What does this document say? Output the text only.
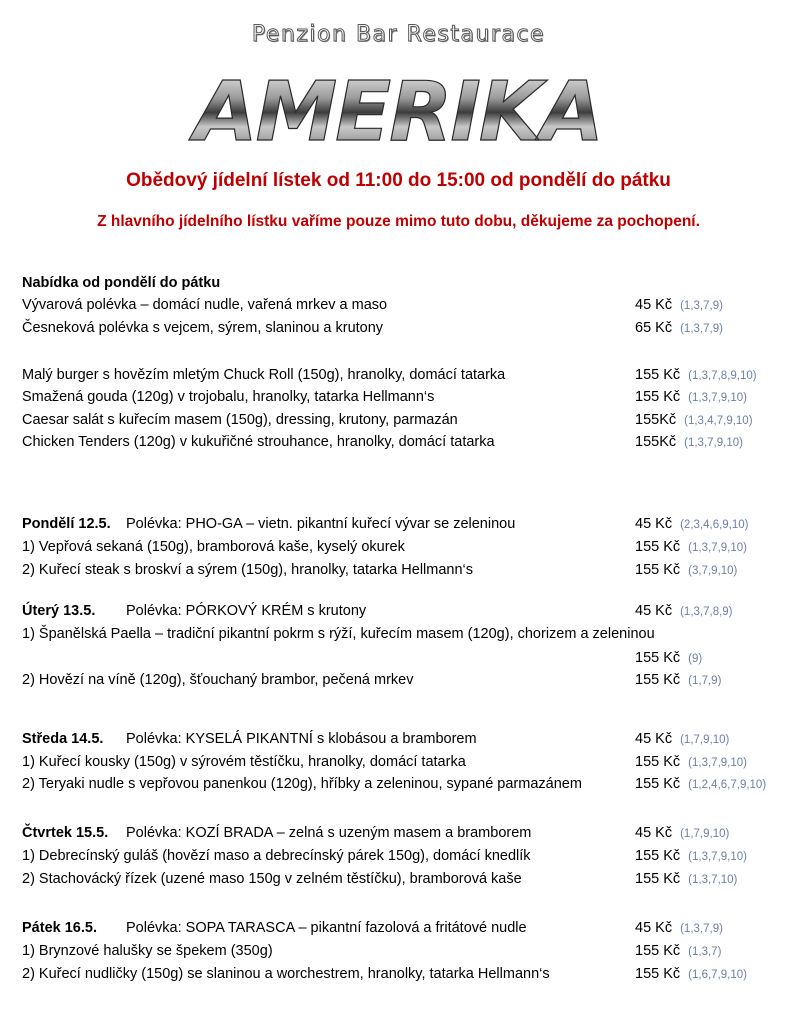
Penzion Bar Restaurace
AMERIKA
Obědový jídelní lístek od 11:00 do 15:00 od pondělí do pátku
Z hlavního jídelního lístku vaříme pouze mimo tuto dobu, děkujeme za pochopení.
Nabídka od pondělí do pátku
Vývarová polévka – domácí nudle, vařená mrkev a maso	45 Kč (1,3,7,9)
Česneková polévka s vejcem, sýrem, slaninou a krutony	65 Kč (1,3,7,9)
Malý burger s hovězím mletým Chuck Roll (150g), hranolky, domácí tatarka	155 Kč (1,3,7,8,9,10)
Smažená gouda (120g) v trojobalu, hranolky, tatarka Hellmann‘s	155 Kč (1,3,7,9,10)
Caesar salát s kuřecím masem (150g), dressing, krutony, parmazán	155Kč (1,3,4,7,9,10)
Chicken Tenders (120g) v kukuřičné strouhance, hranolky, domácí tatarka	155Kč (1,3,7,9,10)
Pondělí 12.5. Polévka: PHO-GA – vietn. pikantní kuřecí vývar se zeleninou	45 Kč (2,3,4,6,9,10)
1) Vepřová sekaná (150g), bramborová kaše, kyselý okurek	155 Kč (1,3,7,9,10)
2) Kuřecí steak s broskví a sýrem (150g), hranolky, tatarka Hellmann‘s	155 Kč (3,7,9,10)
Úterý 13.5. Polévka: PÓRKOVÝ KRÉM s krutony	45 Kč (1,3,7,8,9)
1) Španělská Paella – tradiční pikantní pokrm s rýží, kuřecím masem (120g), chorizem a zeleninou
155 Kč (9)
2) Hovězí na víně (120g), šťouchaný brambor, pečená mrkev	155 Kč (1,7,9)
Středa 14.5. Polévka: KYSELÁ PIKANTNÍ s klobásou a bramborem	45 Kč (1,7,9,10)
1) Kuřecí kousky (150g) v sýrovém těstíčku, hranolky, domácí tatarka	155 Kč (1,3,7,9,10)
2) Teryaki nudle s vepřovou panenkou (120g), hříbky a zeleninou, sypané parmazánem	155 Kč (1,2,4,6,7,9,10)
Čtvrtek 15.5. Polévka: KOZÍ BRADA – zelná s uzeným masem a bramborem	45 Kč (1,7,9,10)
1) Debrecínský guláš (hovězí maso a debrecínský párek 150g), domácí knedlík	155 Kč (1,3,7,9,10)
2) Stachovácký řízek (uzené maso 150g v zelném těstíčku), bramborová kaše	155 Kč (1,3,7,10)
Pátek 16.5. Polévka: SOPA TARASCA – pikantní fazolová a fritátové nudle	45 Kč (1,3,7,9)
1) Brynzové halušky se špekem (350g)	155 Kč (1,3,7)
2) Kuřecí nudličky (150g) se slaninou a worchestrem, hranolky, tatarka Hellmann‘s	155 Kč (1,6,7,9,10)
